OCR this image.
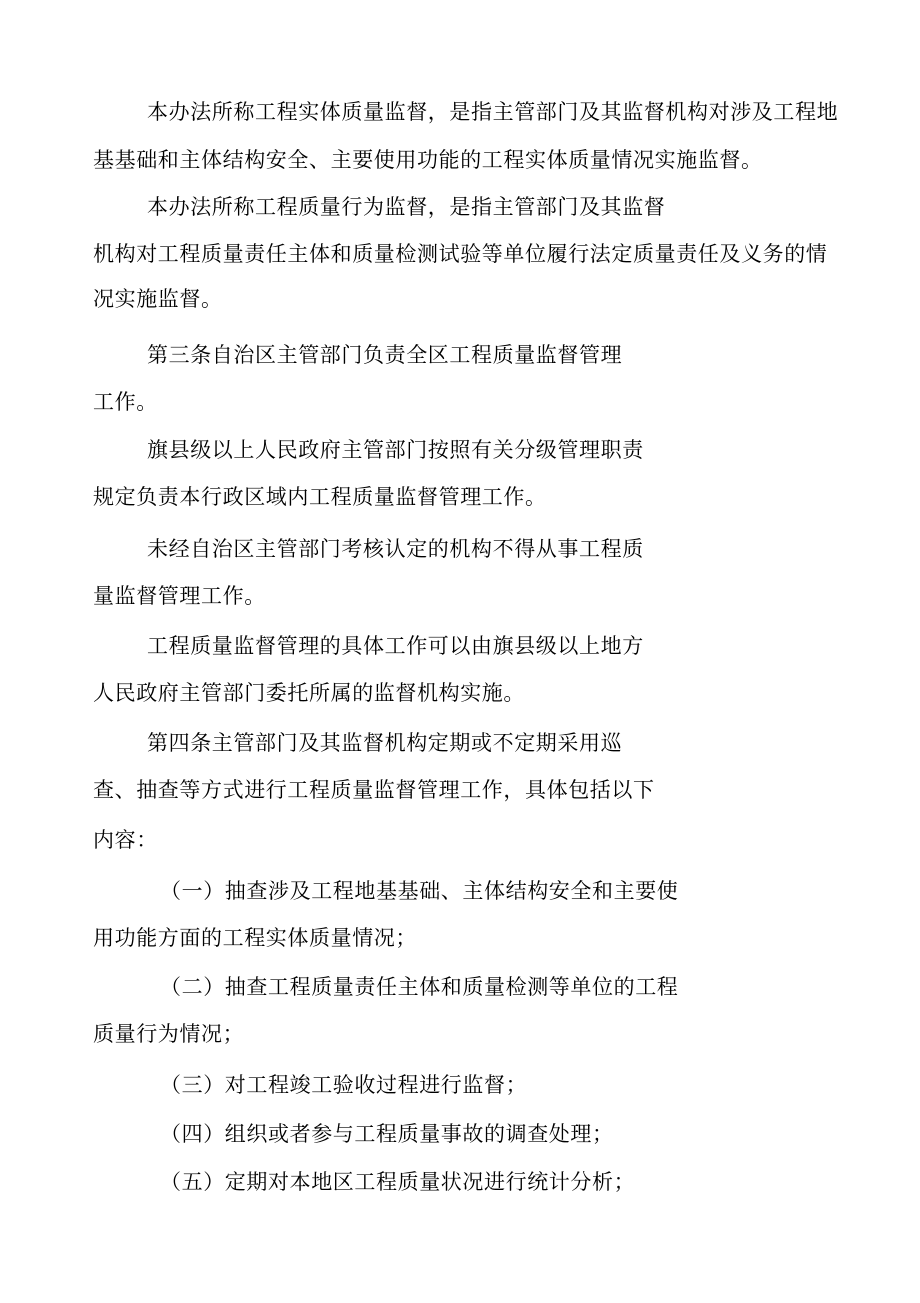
本办法所称工程实体质量监督，是指主管部门及其监督机构对涉及工程地
基基础和主体结构安全、主要使用功能的工程实体质量情况实施监督。
本办法所称工程质量行为监督，是指主管部门及其监督
机构对工程质量责任主体和质量检测试验等单位履行法定质量责任及义务的情
况实施监督。
第三条自治区主管部门负责全区工程质量监督管理
工作。
旗县级以上人民政府主管部门按照有关分级管理职责
规定负责本行政区域内工程质量监督管理工作。
未经自治区主管部门考核认定的机构不得从事工程质
量监督管理工作。
工程质量监督管理的具体工作可以由旗县级以上地方
人民政府主管部门委托所属的监督机构实施。
第四条主管部门及其监督机构定期或不定期采用巡
查、抽查等方式进行工程质量监督管理工作，具体包括以下
内容：
（一）抽查涉及工程地基基础、主体结构安全和主要使
用功能方面的工程实体质量情况；
（二）抽查工程质量责任主体和质量检测等单位的工程
质量行为情况；
（三）对工程竣工验收过程进行监督；
（四）组织或者参与工程质量事故的调查处理；
（五）定期对本地区工程质量状况进行统计分析；
